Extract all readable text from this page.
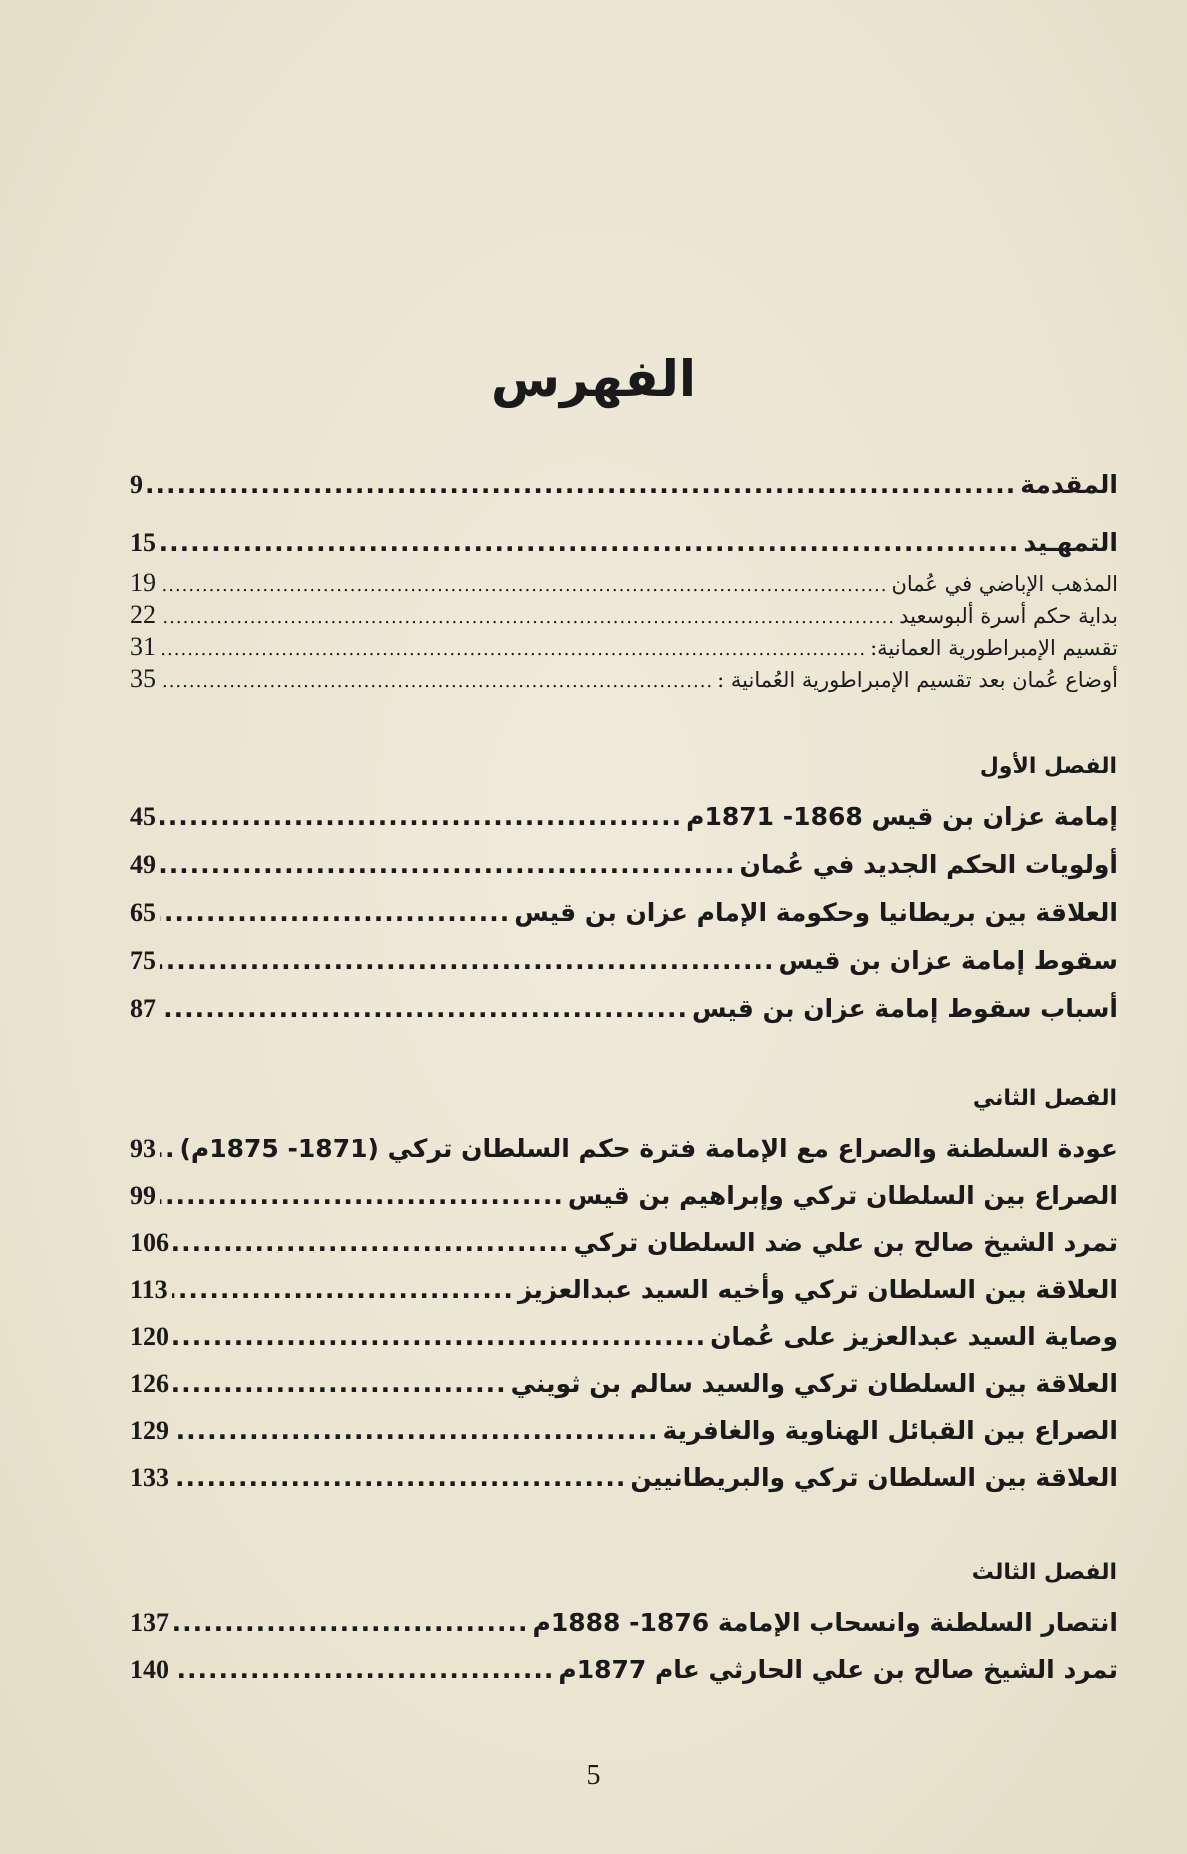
الفهرس
المقدمة
.....
9
التمهـيد
.....
15
المذهب الإباضي في عُمان
.....
19
بداية حكم أسرة ألبوسعيد
.....
22
تقسيم الإمبراطورية العمانية:
.....
31
أوضاع عُمان بعد تقسيم الإمبراطورية العُمانية :
.....
35
الفصل الأول
إمامة عزان بن قيس 1868- 1871م
.....
45
أولويات الحكم الجديد في عُمان
.....
49
العلاقة بين بريطانيا وحكومة الإمام عزان بن قيس
.....
65
سقوط إمامة عزان بن قيس
.....
75
أسباب سقوط إمامة عزان بن قيس
.....
87
الفصل الثاني
عودة السلطنة والصراع مع الإمامة فترة حكم السلطان تركي (1871- 1875م)
.....
93
الصراع بين السلطان تركي وإبراهيم بن قيس
.....
99
تمرد الشيخ صالح بن علي ضد السلطان تركي
.....
106
العلاقة بين السلطان تركي وأخيه السيد عبدالعزيز
.....
113
وصاية السيد عبدالعزيز على عُمان
.....
120
العلاقة بين السلطان تركي والسيد سالم بن ثويني
.....
126
الصراع بين القبائل الهناوية والغافرية
.....
129
العلاقة بين السلطان تركي والبريطانيين
.....
133
الفصل الثالث
انتصار السلطنة وانسحاب الإمامة 1876- 1888م
.....
137
تمرد الشيخ صالح بن علي الحارثي عام 1877م
.....
140
5
